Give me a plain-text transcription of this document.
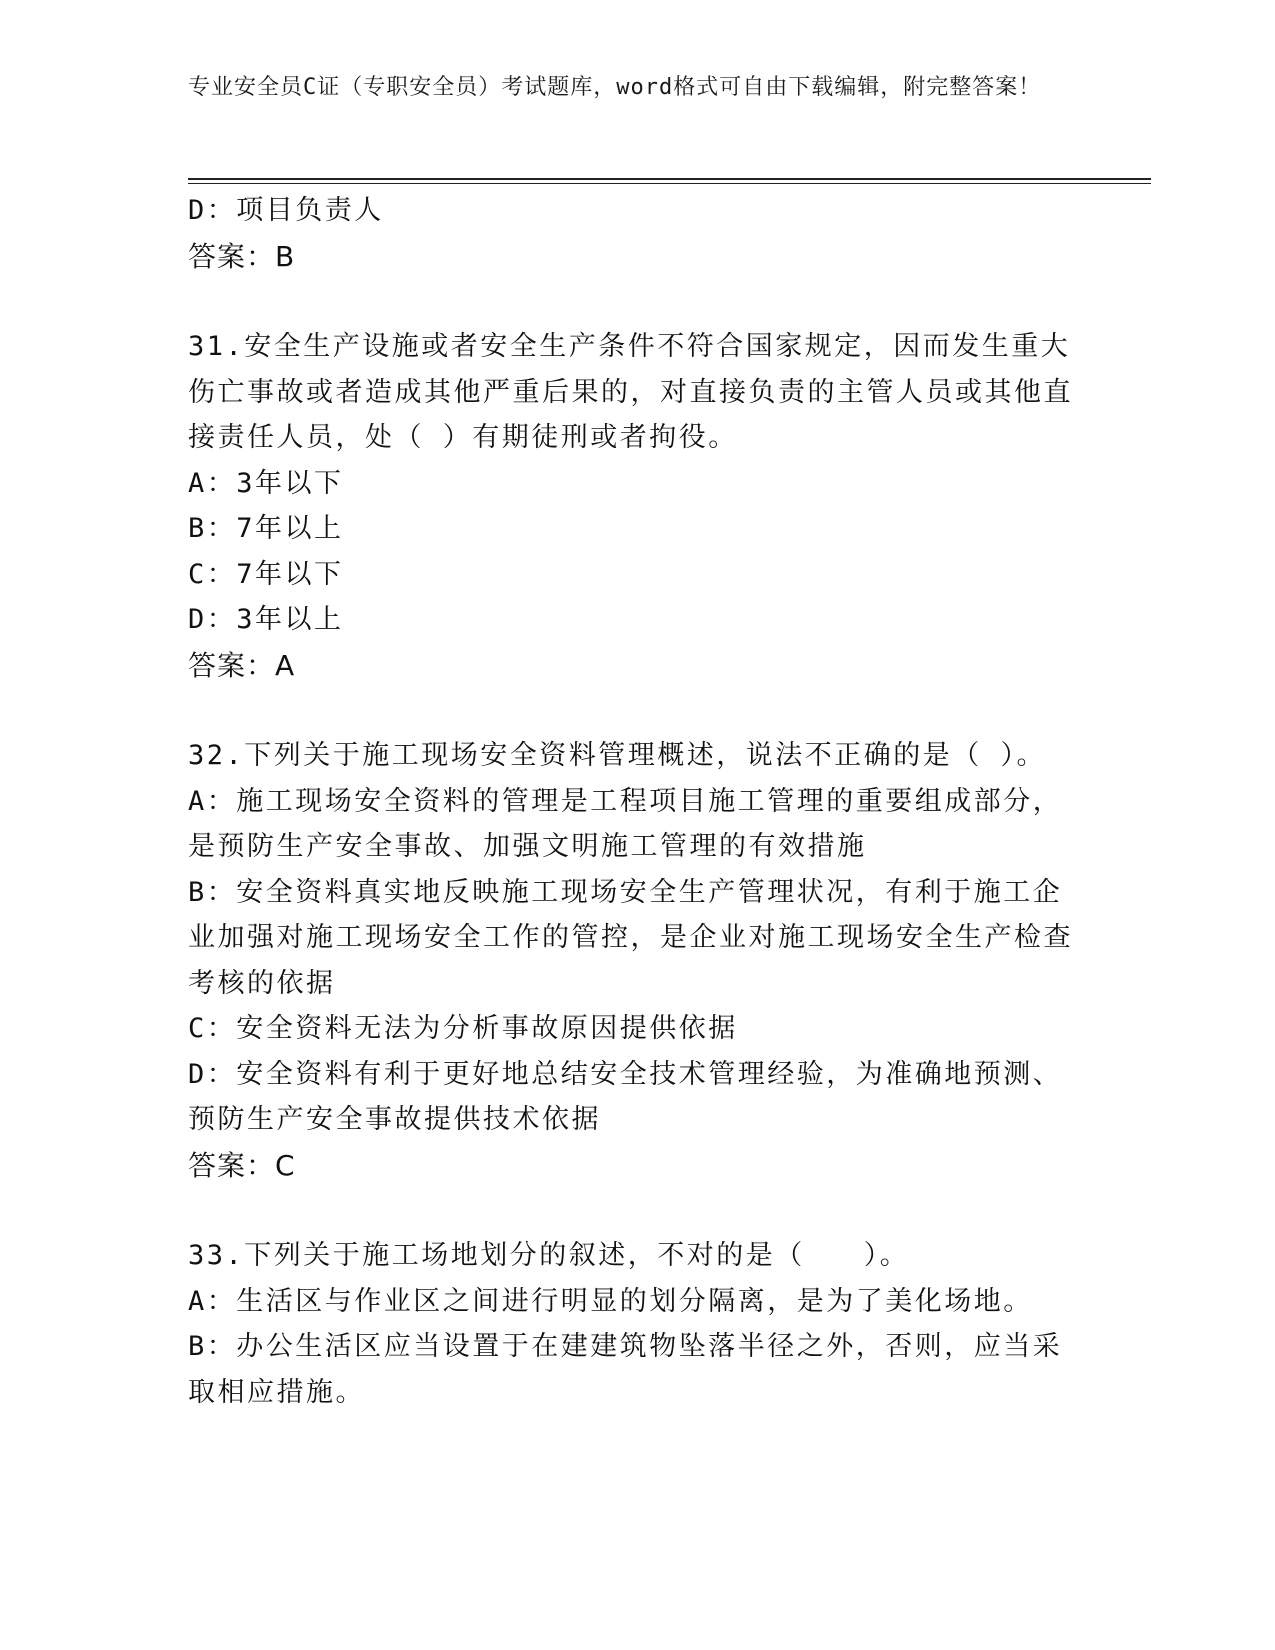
专业安全员C证（专职安全员）考试题库，word格式可自由下载编辑，附完整答案！
D：项目负责人
答案：B
31.安全生产设施或者安全生产条件不符合国家规定，因而发生重大伤亡事故或者造成其他严重后果的，对直接负责的主管人员或其他直接责任人员，处（ ）有期徒刑或者拘役。
A：3年以下
B：7年以上
C：7年以下
D：3年以上
答案：A
32.下列关于施工现场安全资料管理概述，说法不正确的是（ ）。
A：施工现场安全资料的管理是工程项目施工管理的重要组成部分，是预防生产安全事故、加强文明施工管理的有效措施
B：安全资料真实地反映施工现场安全生产管理状况，有利于施工企业加强对施工现场安全工作的管控，是企业对施工现场安全生产检查考核的依据
C：安全资料无法为分析事故原因提供依据
D：安全资料有利于更好地总结安全技术管理经验，为准确地预测、预防生产安全事故提供技术依据
答案：C
33.下列关于施工场地划分的叙述，不对的是（　　）。
A：生活区与作业区之间进行明显的划分隔离，是为了美化场地。
B：办公生活区应当设置于在建建筑物坠落半径之外，否则，应当采取相应措施。
